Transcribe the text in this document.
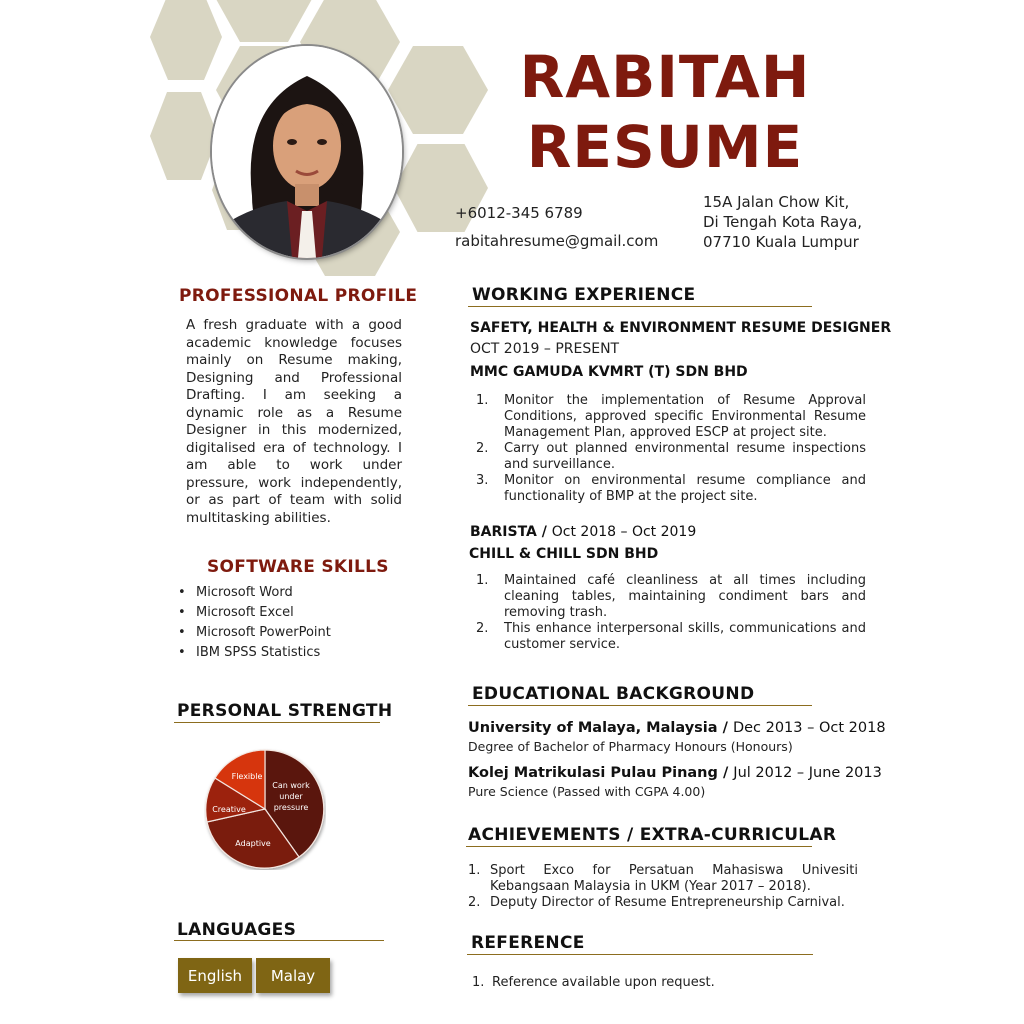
RABITAH
RESUME
+6012-345 6789
rabitahresume@gmail.com
15A Jalan Chow Kit,
Di Tengah Kota Raya,
07710 Kuala Lumpur
PROFESSIONAL PROFILE
A fresh graduate with a good academic knowledge focuses mainly on Resume making, Designing and Professional Drafting. I am seeking a dynamic role as a Resume Designer in this modernized, digitalised era of technology. I am able to work under pressure, work independently, or as part of team with solid multitasking abilities.
SOFTWARE SKILLS
• Microsoft Word
• Microsoft Excel
• Microsoft PowerPoint
• IBM SPSS Statistics
PERSONAL STRENGTH
Can work
under
pressure
Adaptive
Creative
Flexible
LANGUAGES
English	Malay
WORKING EXPERIENCE
SAFETY, HEALTH & ENVIRONMENT RESUME DESIGNER
OCT 2019 – PRESENT
MMC GAMUDA KVMRT (T) SDN BHD
1.	Monitor the implementation of Resume Approval Conditions, approved specific Environmental Resume Management Plan, approved ESCP at project site.
2.	Carry out planned environmental resume inspections and surveillance.
3.	Monitor on environmental resume compliance and functionality of BMP at the project site.
BARISTA / Oct 2018 – Oct 2019
CHILL & CHILL SDN BHD
1.	Maintained café cleanliness at all times including cleaning tables, maintaining condiment bars and removing trash.
2.	This enhance interpersonal skills, communications and customer service.
EDUCATIONAL BACKGROUND
University of Malaya, Malaysia / Dec 2013 – Oct 2018
Degree of Bachelor of Pharmacy Honours (Honours)
Kolej Matrikulasi Pulau Pinang / Jul 2012 – June 2013
Pure Science (Passed with CGPA 4.00)
ACHIEVEMENTS / EXTRA-CURRICULAR
1. Sport Exco for Persatuan Mahasiswa Univesiti Kebangsaan Malaysia in UKM (Year 2017 – 2018).
2. Deputy Director of Resume Entrepreneurship Carnival.
REFERENCE
1. Reference available upon request.
